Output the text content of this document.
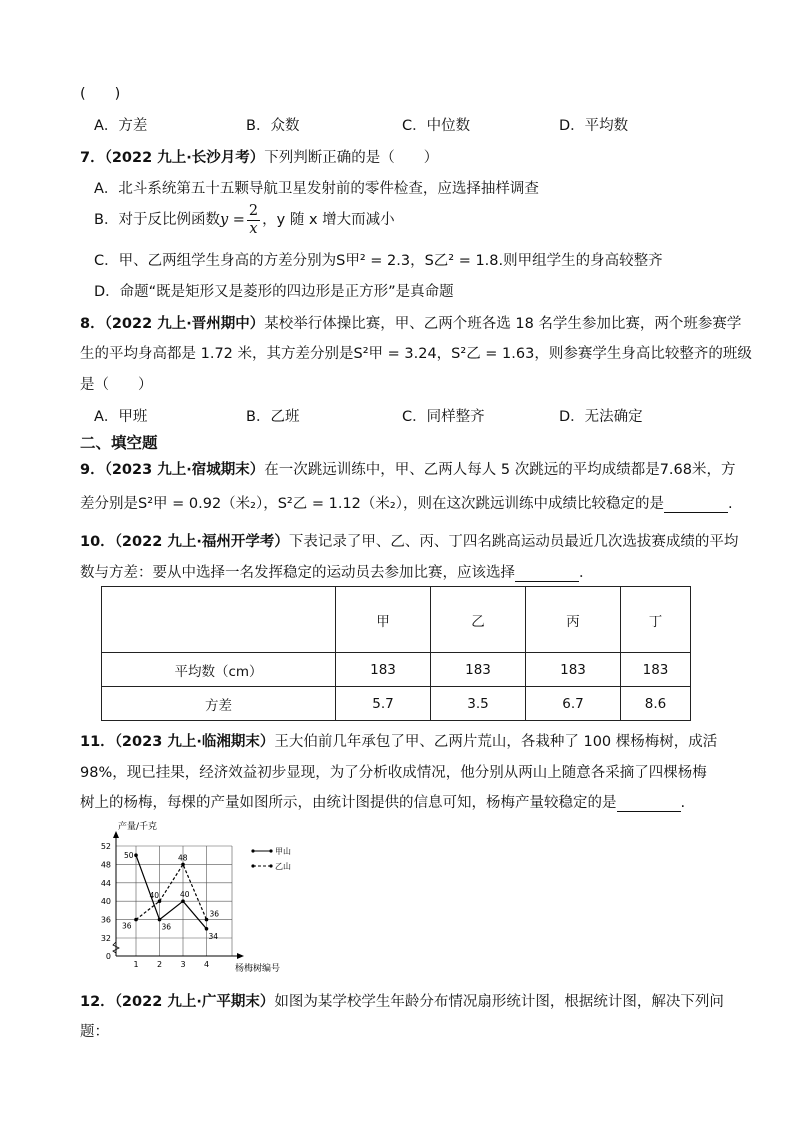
(　　)
A．方差	B．众数	C．中位数	D．平均数
7．（2022 九上·长沙月考）下列判断正确的是（　　）
A．北斗系统第五十五颗导航卫星发射前的零件检查，应选择抽样调查
B．对于反比例函数$y = \frac{2}{x}$ ，y 随 x 增大而减小
C．甲、乙两组学生身高的方差分别为S甲² = 2.3，S乙² = 1.8.则甲组学生的身高较整齐
D．命题“既是矩形又是菱形的四边形是正方形”是真命题
8．（2022 九上·晋州期中）某校举行体操比赛，甲、乙两个班各选 18 名学生参加比赛，两个班参赛学
生的平均身高都是 1.72 米，其方差分别是S²甲 = 3.24，S²乙 = 1.63，则参赛学生身高比较整齐的班级
是（　　）
A．甲班	B．乙班	C．同样整齐	D．无法确定
二、填空题
9．（2023 九上·宿城期末）在一次跳远训练中，甲、乙两人每人 5 次跳远的平均成绩都是7.68米，方
差分别是S²甲 = 0.92（米₂），S²乙 = 1.12（米₂），则在这次跳远训练中成绩比较稳定的是	.
10．（2022 九上·福州开学考）下表记录了甲、乙、丙、丁四名跳高运动员最近几次选拔赛成绩的平均
数与方差：要从中选择一名发挥稳定的运动员去参加比赛，应该选择	．
	甲	乙	丙	丁
平均数（cm）	183	183	183	183
方差	5.7	3.5	6.7	8.6
11．（2023 九上·临湘期末）王大伯前几年承包了甲、乙两片荒山，各栽种了 100 棵杨梅树，成活
98%，现已挂果，经济效益初步显现，为了分析收成情况，他分别从两山上随意各采摘了四棵杨梅
树上的杨梅，每棵的产量如图所示，由统计图提供的信息可知，杨梅产量较稳定的是	.
产量/千克
杨梅树编号
0
32
36
40
44
48
52
1 2 3 4
50
36
40
34
36
40
48
36
甲山
乙山
12．（2022 九上·广平期末）如图为某学校学生年龄分布情况扇形统计图，根据统计图，解决下列问
题：
